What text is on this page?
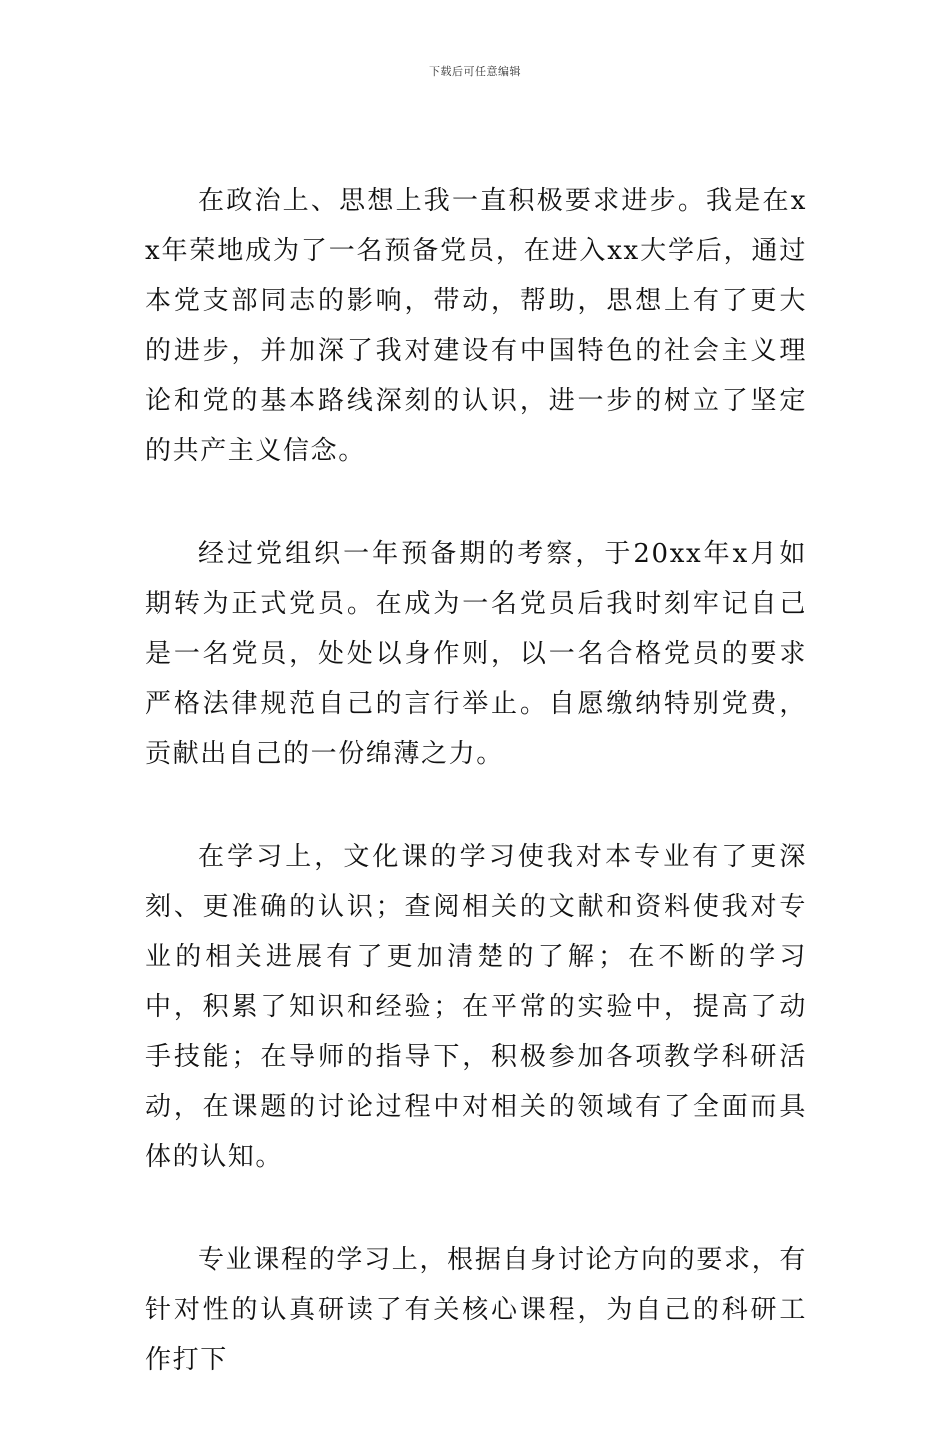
下载后可任意编辑

在政治上、思想上我一直积极要求进步。我是在xx年荣地成为了一名预备党员，在进入xx大学后，通过本党支部同志的影响，带动，帮助，思想上有了更大的进步，并加深了我对建设有中国特色的社会主义理论和党的基本路线深刻的认识，进一步的树立了坚定的共产主义信念。

经过党组织一年预备期的考察，于20xx年x月如期转为正式党员。在成为一名党员后我时刻牢记自己是一名党员，处处以身作则，以一名合格党员的要求严格法律规范自己的言行举止。自愿缴纳特别党费，贡献出自己的一份绵薄之力。

在学习上，文化课的学习使我对本专业有了更深刻、更准确的认识；查阅相关的文献和资料使我对专业的相关进展有了更加清楚的了解；在不断的学习中，积累了知识和经验；在平常的实验中，提高了动手技能；在导师的指导下，积极参加各项教学科研活动，在课题的讨论过程中对相关的领域有了全面而具体的认知。

专业课程的学习上，根据自身讨论方向的要求，有针对性的认真研读了有关核心课程，为自己的科研工作打下
